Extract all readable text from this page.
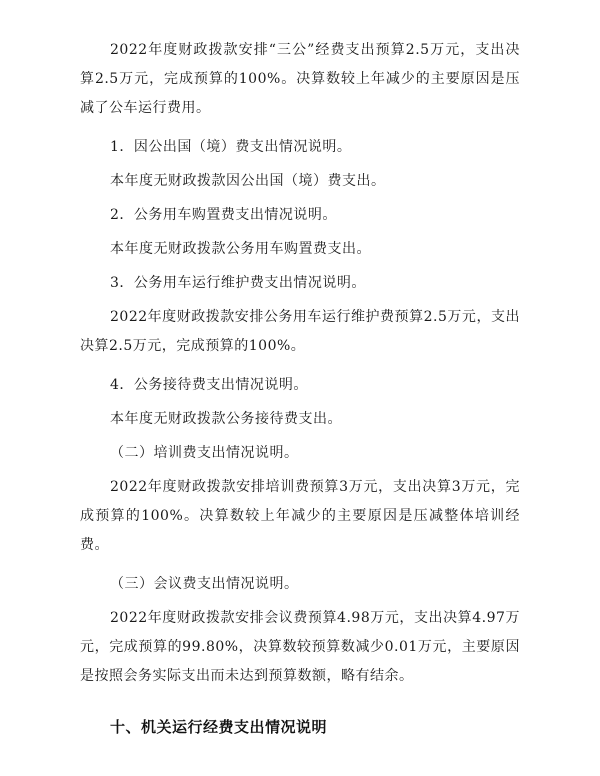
2022年度财政拨款安排“三公”经费支出预算2.5万元，支出决算2.5万元，完成预算的100%。决算数较上年减少的主要原因是压减了公车运行费用。

1．因公出国（境）费支出情况说明。

本年度无财政拨款因公出国（境）费支出。

2．公务用车购置费支出情况说明。

本年度无财政拨款公务用车购置费支出。

3．公务用车运行维护费支出情况说明。

2022年度财政拨款安排公务用车运行维护费预算2.5万元，支出决算2.5万元，完成预算的100%。

4．公务接待费支出情况说明。

本年度无财政拨款公务接待费支出。

（二）培训费支出情况说明。

2022年度财政拨款安排培训费预算3万元，支出决算3万元，完成预算的100%。决算数较上年减少的主要原因是压减整体培训经费。

（三）会议费支出情况说明。

2022年度财政拨款安排会议费预算4.98万元，支出决算4.97万元，完成预算的99.80%，决算数较预算数减少0.01万元，主要原因是按照会务实际支出而未达到预算数额，略有结余。

十、机关运行经费支出情况说明
